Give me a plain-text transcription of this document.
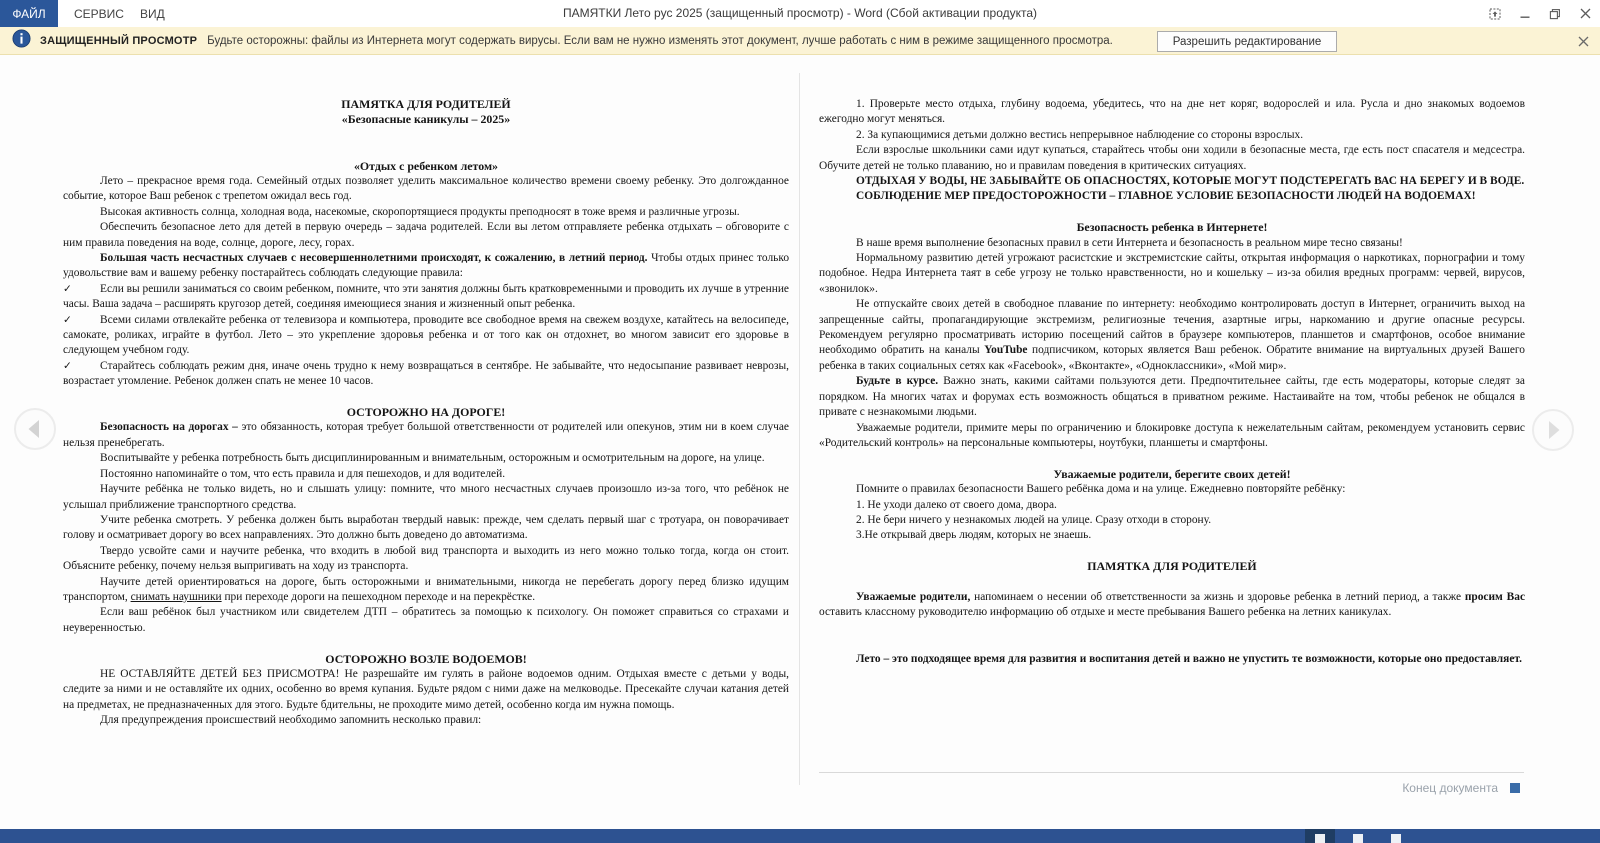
ФАЙЛ СЕРВИС ВИД	ПАМЯТКИ Лето рус 2025 (защищенный просмотр) - Word (Сбой активации продукта)
ЗАЩИЩЕННЫЙ ПРОСМОТР Будьте осторожны: файлы из Интернета могут содержать вирусы. Если вам не нужно изменять этот документ, лучше работать с ним в режиме защищенного просмотра.	Разрешить редактирование
ПАМЯТКА ДЛЯ РОДИТЕЛЕЙ
«Безопасные каникулы – 2025»
«Отдых с ребенком летом»
Лето – прекрасное время года. Семейный отдых позволяет уделить максимальное количество времени своему ребенку. Это долгожданное событие, которое Ваш ребенок с трепетом ожидал весь год.
Высокая активность солнца, холодная вода, насекомые, скоропортящиеся продукты преподносят в тоже время и различные угрозы.
Обеспечить безопасное лето для детей в первую очередь – задача родителей. Если вы летом отправляете ребенка отдыхать – обговорите с ним правила поведения на воде, солнце, дороге, лесу, горах.
Большая часть несчастных случаев с несовершеннолетними происходят, к сожалению, в летний период. Чтобы отдых принес только удовольствие вам и вашему ребенку постарайтесь соблюдать следующие правила:
✓ Если вы решили заниматься со своим ребенком, помните, что эти занятия должны быть кратковременными и проводить их лучше в утренние часы. Ваша задача – расширять кругозор детей, соединяя имеющиеся знания и жизненный опыт ребенка.
✓ Всеми силами отвлекайте ребенка от телевизора и компьютера, проводите все свободное время на свежем воздухе, катайтесь на велосипеде, самокате, роликах, играйте в футбол. Лето – это укрепление здоровья ребенка и от того как он отдохнет, во многом зависит его здоровье в следующем учебном году.
✓ Старайтесь соблюдать режим дня, иначе очень трудно к нему возвращаться в сентябре. Не забывайте, что недосыпание развивает неврозы, возрастает утомление. Ребенок должен спать не менее 10 часов.
ОСТОРОЖНО НА ДОРОГЕ!
Безопасность на дорогах – это обязанность, которая требует большой ответственности от родителей или опекунов, этим ни в коем случае нельзя пренебрегать.
Воспитывайте у ребенка потребность быть дисциплинированным и внимательным, осторожным и осмотрительным на дороге, на улице.
Постоянно напоминайте о том, что есть правила и для пешеходов, и для водителей.
Научите ребёнка не только видеть, но и слышать улицу: помните, что много несчастных случаев произошло из-за того, что ребёнок не услышал приближение транспортного средства.
Учите ребенка смотреть. У ребенка должен быть выработан твердый навык: прежде, чем сделать первый шаг с тротуара, он поворачивает голову и осматривает дорогу во всех направлениях. Это должно быть доведено до автоматизма.
Твердо усвойте сами и научите ребенка, что входить в любой вид транспорта и выходить из него можно только тогда, когда он стоит. Объясните ребенку, почему нельзя выпригивать на ходу из транспорта.
Научите детей ориентироваться на дороге, быть осторожными и внимательными, никогда не перебегать дорогу перед близко идущим транспортом, снимать наушники при переходе дороги на пешеходном переходе и на перекрёстке.
Если ваш ребёнок был участником или свидетелем ДТП – обратитесь за помощью к психологу. Он поможет справиться со страхами и неуверенностью.
ОСТОРОЖНО ВОЗЛЕ ВОДОЕМОВ!
НЕ ОСТАВЛЯЙТЕ ДЕТЕЙ БЕЗ ПРИСМОТРА! Не разрешайте им гулять в районе водоемов одним. Отдыхая вместе с детьми у воды, следите за ними и не оставляйте их одних, особенно во время купания. Будьте рядом с ними даже на мелководье. Пресекайте случаи катания детей на предметах, не предназначенных для этого. Будьте бдительны, не проходите мимо детей, особенно когда им нужна помощь.
Для предупреждения происшествий необходимо запомнить несколько правил:
1. Проверьте место отдыха, глубину водоема, убедитесь, что на дне нет коряг, водорослей и ила. Русла и дно знакомых водоемов ежегодно могут меняться.
2. За купающимися детьми должно вестись непрерывное наблюдение со стороны взрослых.
Если взрослые школьники сами идут купаться, старайтесь чтобы они ходили в безопасные места, где есть пост спасателя и медсестра. Обучите детей не только плаванию, но и правилам поведения в критических ситуациях.
ОТДЫХАЯ У ВОДЫ, НЕ ЗАБЫВАЙТЕ ОБ ОПАСНОСТЯХ, КОТОРЫЕ МОГУТ ПОДСТЕРЕГАТЬ ВАС НА БЕРЕГУ И В ВОДЕ.
СОБЛЮДЕНИЕ МЕР ПРЕДОСТОРОЖНОСТИ – ГЛАВНОЕ УСЛОВИЕ БЕЗОПАСНОСТИ ЛЮДЕЙ НА ВОДОЕМАХ!
Безопасность ребенка в Интернете!
В наше время выполнение безопасных правил в сети Интернета и безопасность в реальном мире тесно связаны!
Нормальному развитию детей угрожают расистские и экстремистские сайты, открытая информация о наркотиках, порнографии и тому подобное. Недра Интернета таят в себе угрозу не только нравственности, но и кошельку – из-за обилия вредных программ: червей, вирусов, «звонилок».
Не отпускайте своих детей в свободное плавание по интернету: необходимо контролировать доступ в Интернет, ограничить выход на запрещенные сайты, пропагандирующие экстремизм, религиозные течения, азартные игры, наркоманию и другие опасные ресурсы. Рекомендуем регулярно просматривать историю посещений сайтов в браузере компьютеров, планшетов и смартфонов, особое внимание необходимо обратить на каналы YouTube подписчиком, которых является Ваш ребенок. Обратите внимание на виртуальных друзей Вашего ребенка в таких социальных сетях как «Facebook», «Вконтакте», «Одноклассники», «Мой мир».
Будьте в курсе. Важно знать, какими сайтами пользуются дети. Предпочтительнее сайты, где есть модераторы, которые следят за порядком. На многих чатах и форумах есть возможность общаться в приватном режиме. Настаивайте на том, чтобы ребенок не общался в привате с незнакомыми людьми.
Уважаемые родители, примите меры по ограничению и блокировке доступа к нежелательным сайтам, рекомендуем установить сервис «Родительский контроль» на персональные компьютеры, ноутбуки, планшеты и смартфоны.
Уважаемые родители, берегите своих детей!
Помните о правилах безопасности Вашего ребёнка дома и на улице. Ежедневно повторяйте ребёнку:
1. Не уходи далеко от своего дома, двора.
2. Не бери ничего у незнакомых людей на улице. Сразу отходи в сторону.
3.Не открывай дверь людям, которых не знаешь.
ПАМЯТКА ДЛЯ РОДИТЕЛЕЙ
Уважаемые родители, напоминаем о несении об ответственности за жизнь и здоровье ребенка в летний период, а также просим Вас оставить классному руководителю информацию об отдыхе и месте пребывания Вашего ребенка на летних каникулах.
Лето – это подходящее время для развития и воспитания детей и важно не упустить те возможности, которые оно предоставляет.
Конец документа
